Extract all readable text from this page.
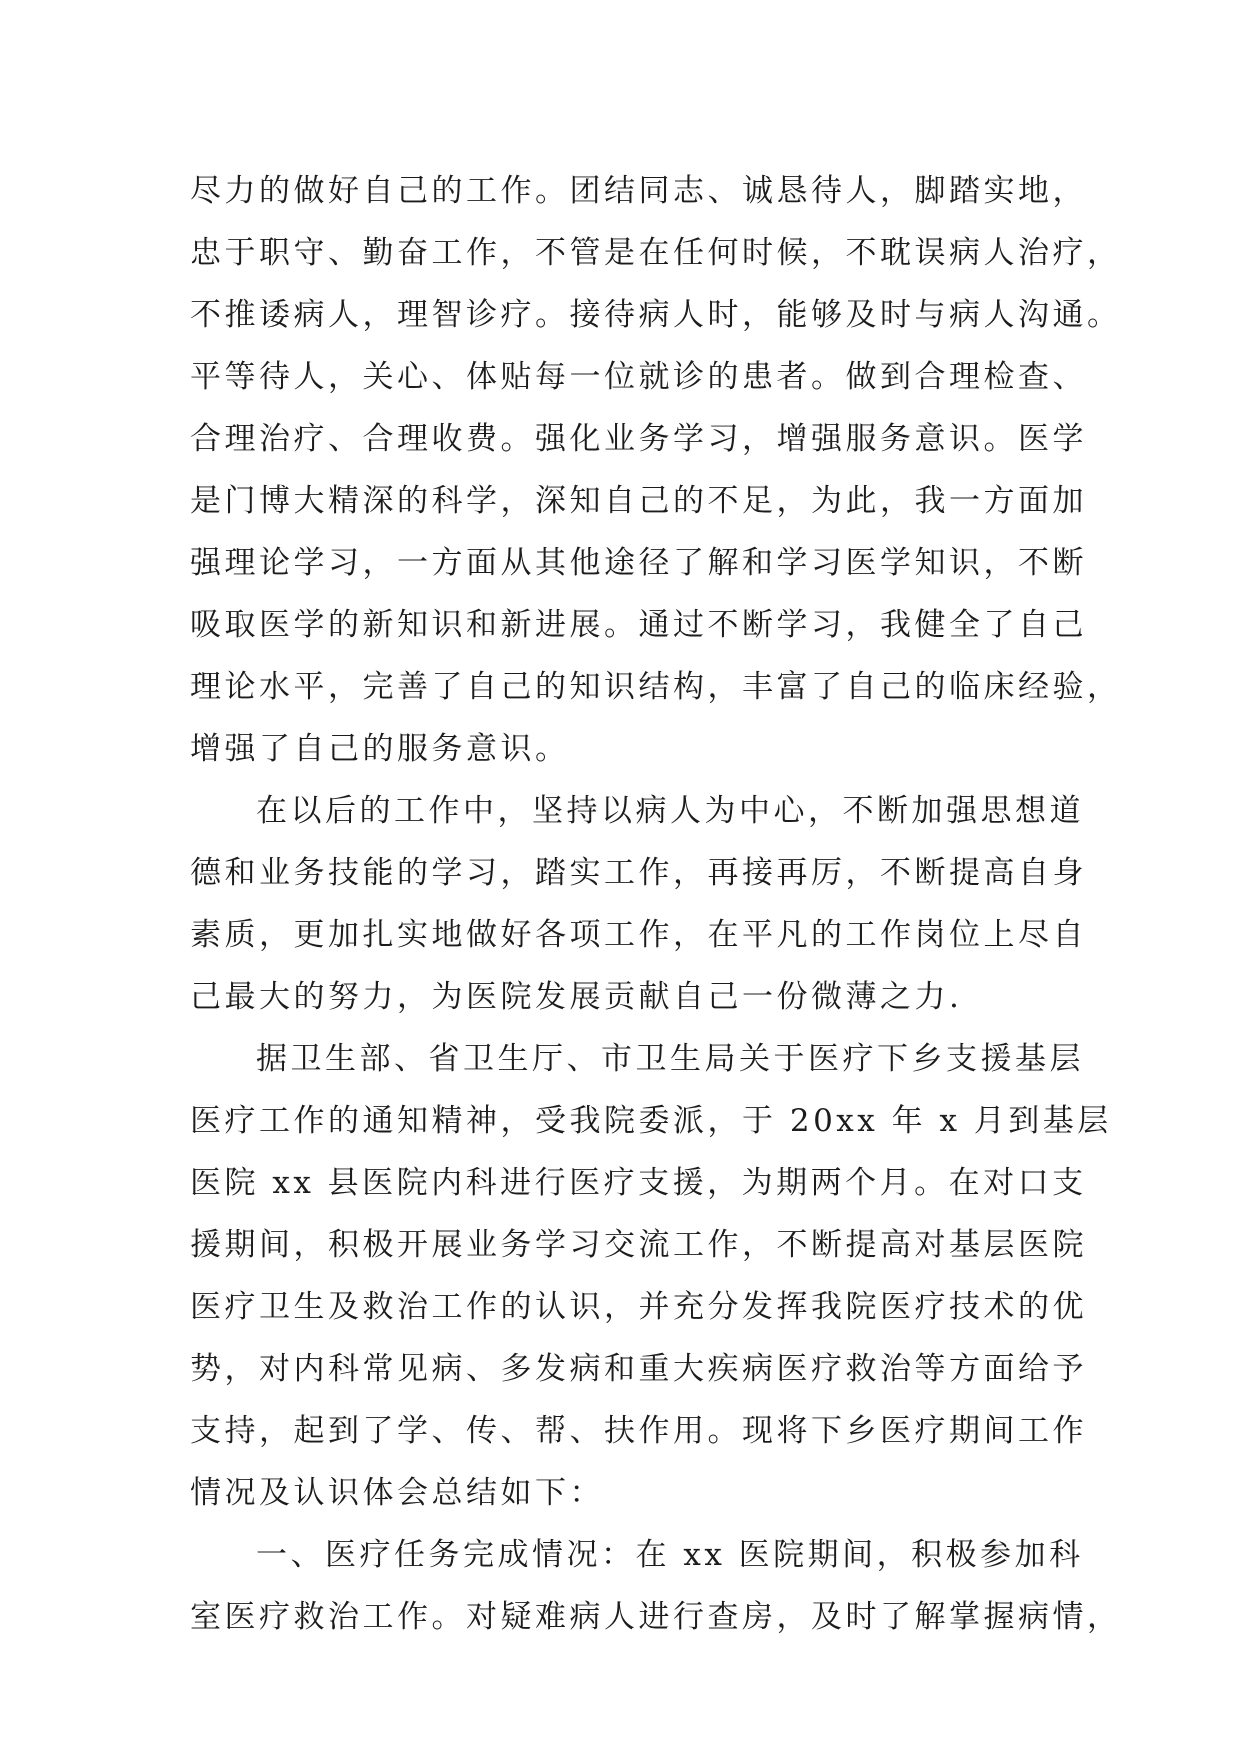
尽力的做好自己的工作。团结同志、诚恳待人，脚踏实地，
忠于职守、勤奋工作，不管是在任何时候，不耽误病人治疗，
不推诿病人，理智诊疗。接待病人时，能够及时与病人沟通。
平等待人，关心、体贴每一位就诊的患者。做到合理检查、
合理治疗、合理收费。强化业务学习，增强服务意识。医学
是门博大精深的科学，深知自己的不足，为此，我一方面加
强理论学习，一方面从其他途径了解和学习医学知识，不断
吸取医学的新知识和新进展。通过不断学习，我健全了自己
理论水平，完善了自己的知识结构，丰富了自己的临床经验，
增强了自己的服务意识。
在以后的工作中，坚持以病人为中心，不断加强思想道
德和业务技能的学习，踏实工作，再接再厉，不断提高自身
素质，更加扎实地做好各项工作，在平凡的工作岗位上尽自
己最大的努力，为医院发展贡献自己一份微薄之力.
据卫生部、省卫生厅、市卫生局关于医疗下乡支援基层
医疗工作的通知精神，受我院委派，于 20xx 年 x 月到基层
医院 xx 县医院内科进行医疗支援，为期两个月。在对口支
援期间，积极开展业务学习交流工作，不断提高对基层医院
医疗卫生及救治工作的认识，并充分发挥我院医疗技术的优
势，对内科常见病、多发病和重大疾病医疗救治等方面给予
支持，起到了学、传、帮、扶作用。现将下乡医疗期间工作
情况及认识体会总结如下：
一、医疗任务完成情况：在 xx 医院期间，积极参加科
室医疗救治工作。对疑难病人进行查房，及时了解掌握病情，
